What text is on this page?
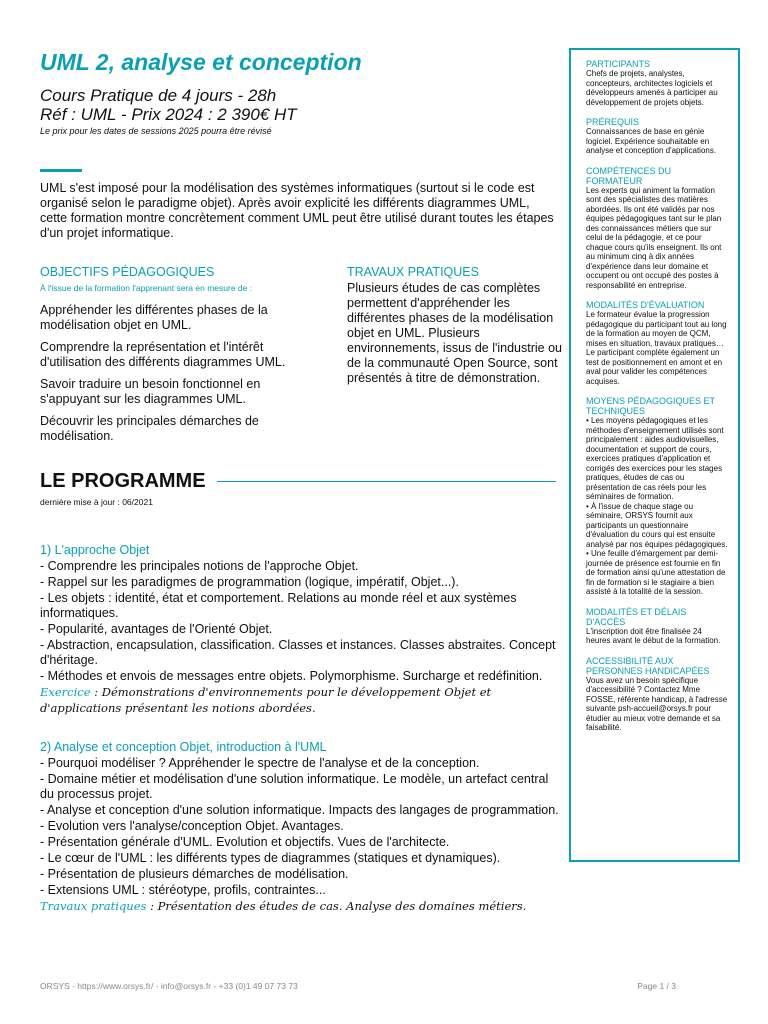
UML 2, analyse et conception
Cours Pratique de 4 jours - 28h
Réf : UML - Prix 2024 : 2 390€ HT
Le prix pour les dates de sessions 2025 pourra être révisé
UML s'est imposé pour la modélisation des systèmes informatiques (surtout si le code est organisé selon le paradigme objet). Après avoir explicité les différents diagrammes UML, cette formation montre concrètement comment UML peut être utilisé durant toutes les étapes d'un projet informatique.
OBJECTIFS PÉDAGOGIQUES
À l'issue de la formation l'apprenant sera en mesure de :
Appréhender les différentes phases de la modélisation objet en UML.
Comprendre la représentation et l'intérêt d'utilisation des différents diagrammes UML.
Savoir traduire un besoin fonctionnel en s'appuyant sur les diagrammes UML.
Découvrir les principales démarches de modélisation.
TRAVAUX PRATIQUES
Plusieurs études de cas complètes permettent d'appréhender les différentes phases de la modélisation objet en UML. Plusieurs environnements, issus de l'industrie ou de la communauté Open Source, sont présentés à titre de démonstration.
LE PROGRAMME
dernière mise à jour : 06/2021
1) L'approche Objet
- Comprendre les principales notions de l'approche Objet.
- Rappel sur les paradigmes de programmation (logique, impératif, Objet...).
- Les objets : identité, état et comportement. Relations au monde réel et aux systèmes informatiques.
- Popularité, avantages de l'Orienté Objet.
- Abstraction, encapsulation, classification. Classes et instances. Classes abstraites. Concept d'héritage.
- Méthodes et envois de messages entre objets. Polymorphisme. Surcharge et redéfinition.
Exercice : Démonstrations d'environnements pour le développement Objet et d'applications présentant les notions abordées.
2) Analyse et conception Objet, introduction à l'UML
- Pourquoi modéliser ? Appréhender le spectre de l'analyse et de la conception.
- Domaine métier et modélisation d'une solution informatique. Le modèle, un artefact central du processus projet.
- Analyse et conception d'une solution informatique. Impacts des langages de programmation.
- Evolution vers l'analyse/conception Objet. Avantages.
- Présentation générale d'UML. Evolution et objectifs. Vues de l'architecte.
- Le cœur de l'UML : les différents types de diagrammes (statiques et dynamiques).
- Présentation de plusieurs démarches de modélisation.
- Extensions UML : stéréotype, profils, contraintes...
Travaux pratiques : Présentation des études de cas. Analyse des domaines métiers.
PARTICIPANTS
Chefs de projets, analystes, concepteurs, architectes logiciels et développeurs amenés à participer au développement de projets objets.
PRÉREQUIS
Connaissances de base en génie logiciel. Expérience souhaitable en analyse et conception d'applications.
COMPÉTENCES DU FORMATEUR
Les experts qui animent la formation sont des spécialistes des matières abordées. Ils ont été validés par nos équipes pédagogiques tant sur le plan des connaissances métiers que sur celui de la pédagogie, et ce pour chaque cours qu'ils enseignent. Ils ont au minimum cinq à dix années d'expérience dans leur domaine et occupent ou ont occupé des postes à responsabilité en entreprise.
MODALITÉS D'ÉVALUATION
Le formateur évalue la progression pédagogique du participant tout au long de la formation au moyen de QCM, mises en situation, travaux pratiques…
Le participant complète également un test de positionnement en amont et en aval pour valider les compétences acquises.
MOYENS PÉDAGOGIQUES ET TECHNIQUES
• Les moyens pédagogiques et les méthodes d'enseignement utilisés sont principalement : aides audiovisuelles, documentation et support de cours, exercices pratiques d'application et corrigés des exercices pour les stages pratiques, études de cas ou présentation de cas réels pour les séminaires de formation.
• À l'issue de chaque stage ou séminaire, ORSYS fournit aux participants un questionnaire d'évaluation du cours qui est ensuite analysé par nos équipes pédagogiques.
• Une feuille d'émargement par demi-journée de présence est fournie en fin de formation ainsi qu'une attestation de fin de formation si le stagiaire a bien assisté à la totalité de la session.
MODALITÉS ET DÉLAIS D'ACCÈS
L'inscription doit être finalisée 24 heures avant le début de la formation.
ACCESSIBILITÉ AUX PERSONNES HANDICAPÉES
Vous avez un besoin spécifique d'accessibilité ? Contactez Mme FOSSE, référente handicap, à l'adresse suivante psh-accueil@orsys.fr pour étudier au mieux votre demande et sa faisabilité.
ORSYS - https://www.orsys.fr/ - info@orsys.fr - +33 (0)1 49 07 73 73	Page 1 / 3
